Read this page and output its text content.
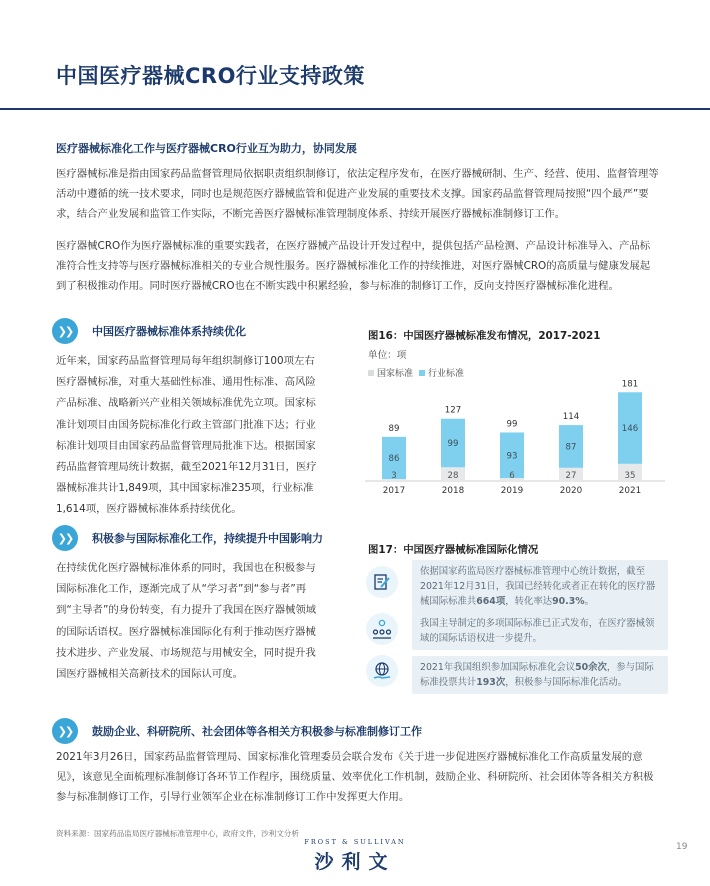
中国医疗器械CRO行业支持政策
医疗器械标准化工作与医疗器械CRO行业互为助力，协同发展
医疗器械标准是指由国家药品监督管理局依据职责组织制修订，依法定程序发布，在医疗器械研制、生产、经营、使用、监督管理等活动中遵循的统一技术要求，同时也是规范医疗器械监管和促进产业发展的重要技术支撑。国家药品监督管理局按照“四个最严”要求，结合产业发展和监管工作实际，不断完善医疗器械标准管理制度体系、持续开展医疗器械标准制修订工作。
医疗器械CRO作为医疗器械标准的重要实践者，在医疗器械产品设计开发过程中，提供包括产品检测、产品设计标准导入、产品标准符合性支持等与医疗器械标准相关的专业合规性服务。医疗器械标准化工作的持续推进，对医疗器械CRO的高质量与健康发展起到了积极推动作用。同时医疗器械CRO也在不断实践中积累经验，参与标准的制修订工作，反向支持医疗器械标准化进程。
❯❯	中国医疗器械标准体系持续优化
近年来，国家药品监督管理局每年组织制修订100项左右医疗器械标准，对重大基础性标准、通用性标准、高风险产品标准、战略新兴产业相关领域标准优先立项。国家标准计划项目由国务院标准化行政主管部门批准下达；行业标准计划项目由国家药品监督管理局批准下达。根据国家药品监督管理局统计数据，截至2021年12月31日，医疗器械标准共计1,849项，其中国家标准235项，行业标准1,614项，医疗器械标准体系持续优化。
❯❯	积极参与国际标准化工作，持续提升中国影响力
在持续优化医疗器械标准体系的同时，我国也在积极参与国际标准化工作，逐渐完成了从“学习者”到“参与者”再到“主导者”的身份转变，有力提升了我国在医疗器械领域的国际话语权。医疗器械标准国际化有利于推动医疗器械技术进步、产业发展、市场规范与用械安全，同时提升我国医疗器械相关高新技术的国际认可度。
图16：中国医疗器械标准发布情况，2017-2021
单位：项
国家标准 行业标准
3
86
89
2017
28
99
127
2018
6
93
99
2019
27
87
114
2020
35
146
181
2021
图17：中国医疗器械标准国际化情况
依据国家药监局医疗器械标准管理中心统计数据，截至2021年12月31日，我国已经转化或者正在转化的医疗器械国际标准共664项，转化率达90.3%。
我国主导制定的多项国际标准已正式发布，在医疗器械领域的国际话语权进一步提升。
2021年我国组织参加国际标准化会议50余次，参与国际标准投票共计193次，积极参与国际标准化活动。
❯❯	鼓励企业、科研院所、社会团体等各相关方积极参与标准制修订工作
2021年3月26日，国家药品监督管理局、国家标准化管理委员会联合发布《关于进一步促进医疗器械标准化工作高质量发展的意见》，该意见全面梳理标准制修订各环节工作程序，围绕质量、效率优化工作机制，鼓励企业、科研院所、社会团体等各相关方积极参与标准制修订工作，引导行业领军企业在标准制修订工作中发挥更大作用。
资料来源：国家药品监局医疗器械标准管理中心，政府文件，沙利文分析
FROST & SULLIVAN
沙利文
19
